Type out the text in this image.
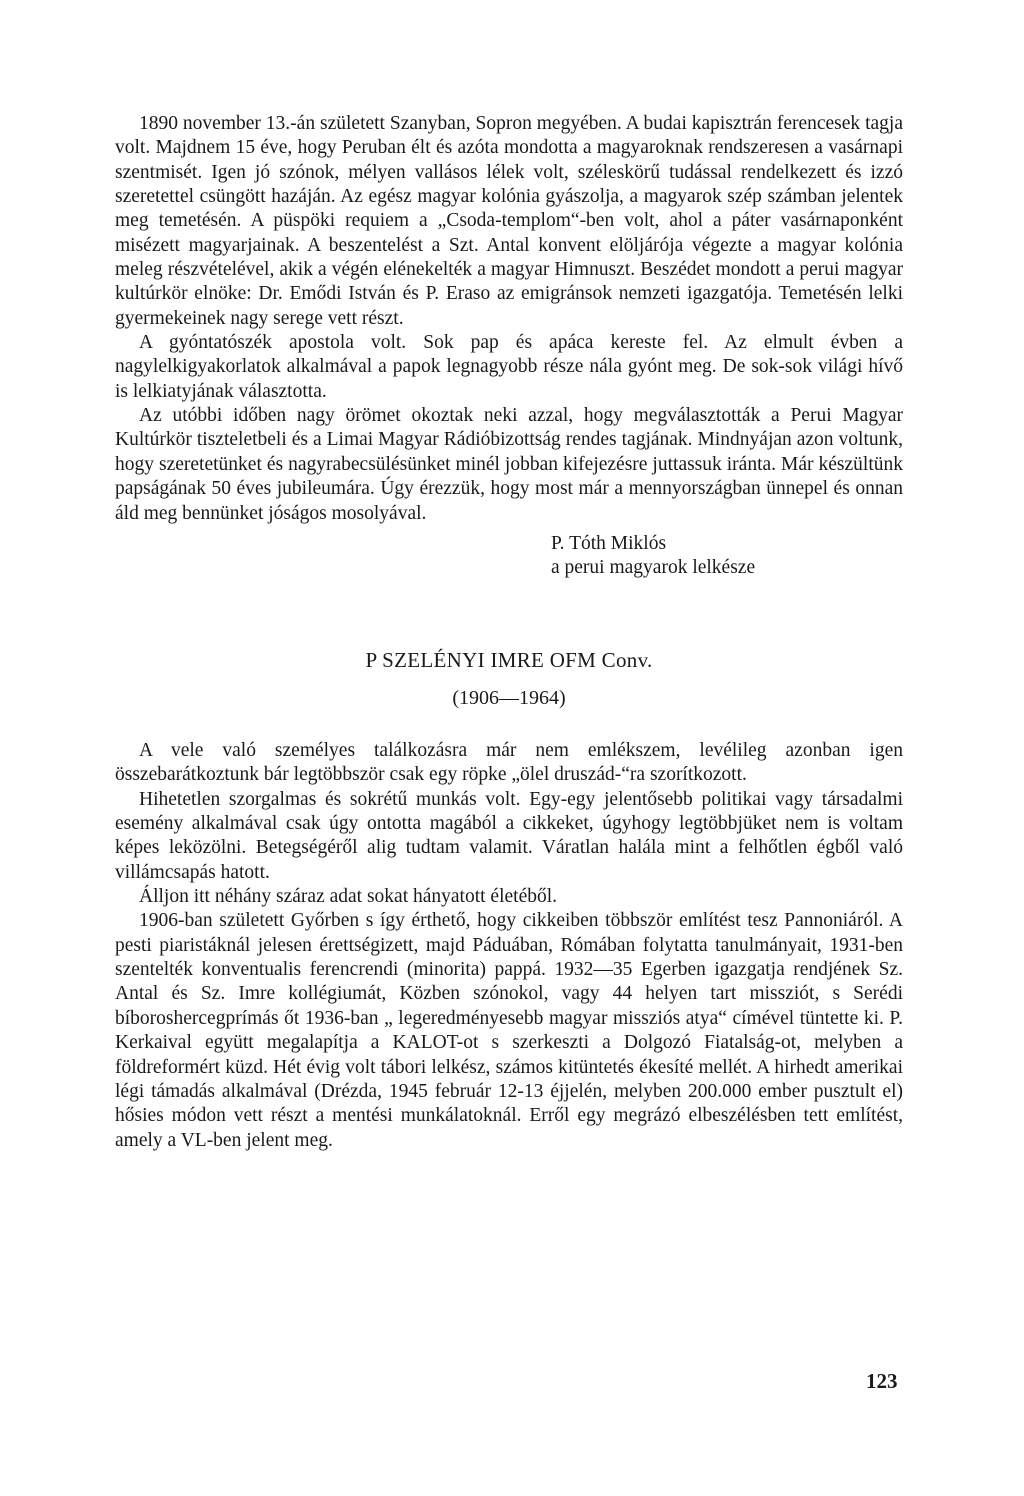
1890 november 13.-án született Szanyban, Sopron megyében. A budai kapisztrán ferencesek tagja volt. Majdnem 15 éve, hogy Peruban élt és azóta mondotta a magyaroknak rendszeresen a vasárnapi szentmisét. Igen jó szónok, mélyen vallásos lélek volt, széleskörű tudással rendelkezett és izzó szeretettel csüngött hazáján. Az egész magyar kolónia gyászolja, a magyarok szép számban jelentek meg temetésén. A püspöki requiem a „Csoda-templom“-ben volt, ahol a páter vasárnaponként misézett magyarjainak. A beszentelést a Szt. Antal konvent elöljárója végezte a magyar kolónia meleg részvételével, akik a végén elénekelték a magyar Himnuszt. Beszédet mondott a perui magyar kultúrkör elnöke: Dr. Emődi István és P. Eraso az emigránsok nemzeti igazgatója. Temetésén lelki gyermekeinek nagy serege vett részt.

A gyóntatószék apostola volt. Sok pap és apáca kereste fel. Az elmult évben a nagylelkigyakorlatok alkalmával a papok legnagyobb része nála gyónt meg. De sok-sok világi hívő is lelkiatyjának választotta.

Az utóbbi időben nagy örömet okoztak neki azzal, hogy megválasztották a Perui Magyar Kultúrkör tiszteletbeli és a Limai Magyar Rádióbizottság rendes tagjának. Mindnyájan azon voltunk, hogy szeretetünket és nagyrabecsülésünket minél jobban kifejezésre juttassuk iránta. Már készültünk papságának 50 éves jubileumára. Úgy érezzük, hogy most már a mennyországban ünnepel és onnan áld meg bennünket jóságos mosolyával.

P. Tóth Miklós
a perui magyarok lelkésze
P SZELÉNYI IMRE OFM Conv.
(1906—1964)

A vele való személyes találkozásra már nem emlékszem, levélileg azonban igen összebarátkoztunk bár legtöbbször csak egy röpke „ölel druszád-“ra szorítkozott.

Hihetetlen szorgalmas és sokrétű munkás volt. Egy-egy jelentősebb politikai vagy társadalmi esemény alkalmával csak úgy ontotta magából a cikkeket, úgyhogy legtöbbjüket nem is voltam képes leközölni. Betegségéről alig tudtam valamit. Váratlan halála mint a felhőtlen égből való villámcsapás hatott.

Álljon itt néhány száraz adat sokat hányatott életéből.

1906-ban született Győrben s így érthető, hogy cikkeiben többször említést tesz Pannoniáról. A pesti piaristáknál jelesen érettségizett, majd Páduában, Rómában folytatta tanulmányait, 1931-ben szentelték konventualis ferencrendi (minorita) pappá. 1932—35 Egerben igazgatja rendjének Sz. Antal és Sz. Imre kollégiumát, Közben szónokol, vagy 44 helyen tart missziót, s Serédi bíboroshercegprímás őt 1936-ban „ legeredményesebb magyar missziós atya“ címével tüntette ki. P. Kerkaival együtt megalapítja a KALOT-ot s szerkeszti a Dolgozó Fiatalság-ot, melyben a földreformért küzd. Hét évig volt tábori lelkész, számos kitüntetés ékesíté mellét. A hirhedt amerikai légi támadás alkalmával (Drézda, 1945 február 12-13 éjjelén, melyben 200.000 ember pusztult el) hősies módon vett részt a mentési munkálatoknál. Erről egy megrázó elbeszélésben tett említést, amely a VL-ben jelent meg.

123
